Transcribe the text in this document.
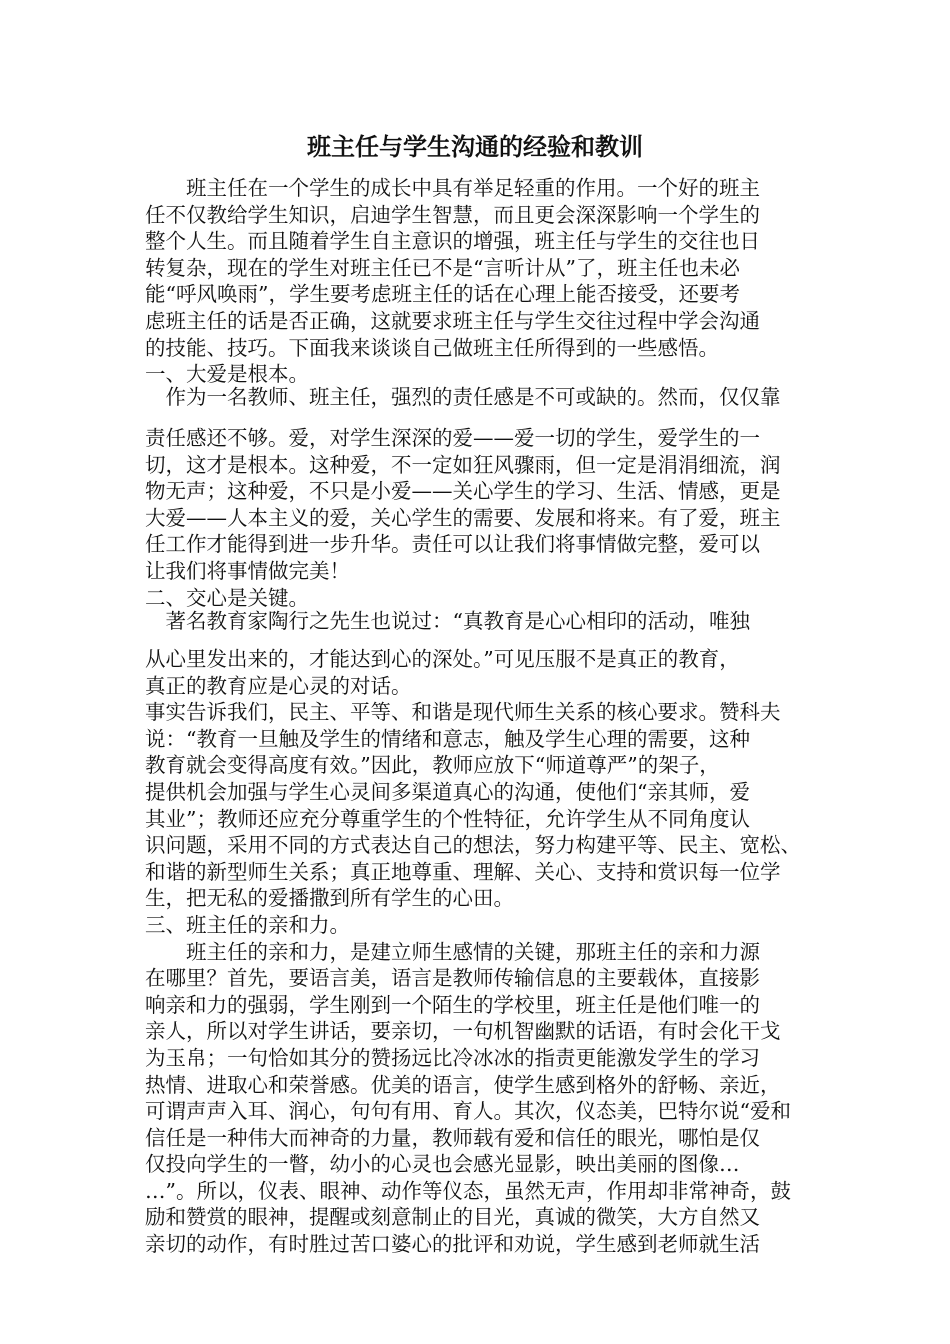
班主任与学生沟通的经验和教训
　　班主任在一个学生的成长中具有举足轻重的作用。一个好的班主
任不仅教给学生知识，启迪学生智慧，而且更会深深影响一个学生的
整个人生。而且随着学生自主意识的增强，班主任与学生的交往也日
转复杂，现在的学生对班主任已不是“言听计从”了，班主任也未必
能“呼风唤雨”，学生要考虑班主任的话在心理上能否接受，还要考
虑班主任的话是否正确，这就要求班主任与学生交往过程中学会沟通
的技能、技巧。下面我来谈谈自己做班主任所得到的一些感悟。
一、大爱是根本。
　作为一名教师、班主任，强烈的责任感是不可或缺的。然而，仅仅靠
责任感还不够。爱，对学生深深的爱——爱一切的学生，爱学生的一
切，这才是根本。这种爱，不一定如狂风骤雨，但一定是涓涓细流，润
物无声；这种爱，不只是小爱——关心学生的学习、生活、情感，更是
大爱——人本主义的爱，关心学生的需要、发展和将来。有了爱，班主
任工作才能得到进一步升华。责任可以让我们将事情做完整，爱可以
让我们将事情做完美！
二、交心是关键。
　著名教育家陶行之先生也说过：“真教育是心心相印的活动，唯独
从心里发出来的，才能达到心的深处。”可见压服不是真正的教育，
真正的教育应是心灵的对话。
事实告诉我们，民主、平等、和谐是现代师生关系的核心要求。赞科夫
说：“教育一旦触及学生的情绪和意志，触及学生心理的需要，这种
教育就会变得高度有效。”因此，教师应放下“师道尊严”的架子，
提供机会加强与学生心灵间多渠道真心的沟通，使他们“亲其师，爱
其业”；教师还应充分尊重学生的个性特征，允许学生从不同角度认
识问题，采用不同的方式表达自己的想法，努力构建平等、民主、宽松、
和谐的新型师生关系；真正地尊重、理解、关心、支持和赏识每一位学
生，把无私的爱播撒到所有学生的心田。
三、班主任的亲和力。
　　班主任的亲和力，是建立师生感情的关键，那班主任的亲和力源
在哪里？首先，要语言美，语言是教师传输信息的主要载体，直接影
响亲和力的强弱，学生刚到一个陌生的学校里，班主任是他们唯一的
亲人，所以对学生讲话，要亲切，一句机智幽默的话语，有时会化干戈
为玉帛；一句恰如其分的赞扬远比冷冰冰的指责更能激发学生的学习
热情、进取心和荣誉感。优美的语言，使学生感到格外的舒畅、亲近，
可谓声声入耳、润心，句句有用、育人。其次，仪态美，巴特尔说“爱和
信任是一种伟大而神奇的力量，教师载有爱和信任的眼光，哪怕是仅
仅投向学生的一瞥，幼小的心灵也会感光显影，映出美丽的图像…
…”。所以，仪表、眼神、动作等仪态，虽然无声，作用却非常神奇，鼓
励和赞赏的眼神，提醒或刻意制止的目光，真诚的微笑，大方自然又
亲切的动作，有时胜过苦口婆心的批评和劝说，学生感到老师就生活
